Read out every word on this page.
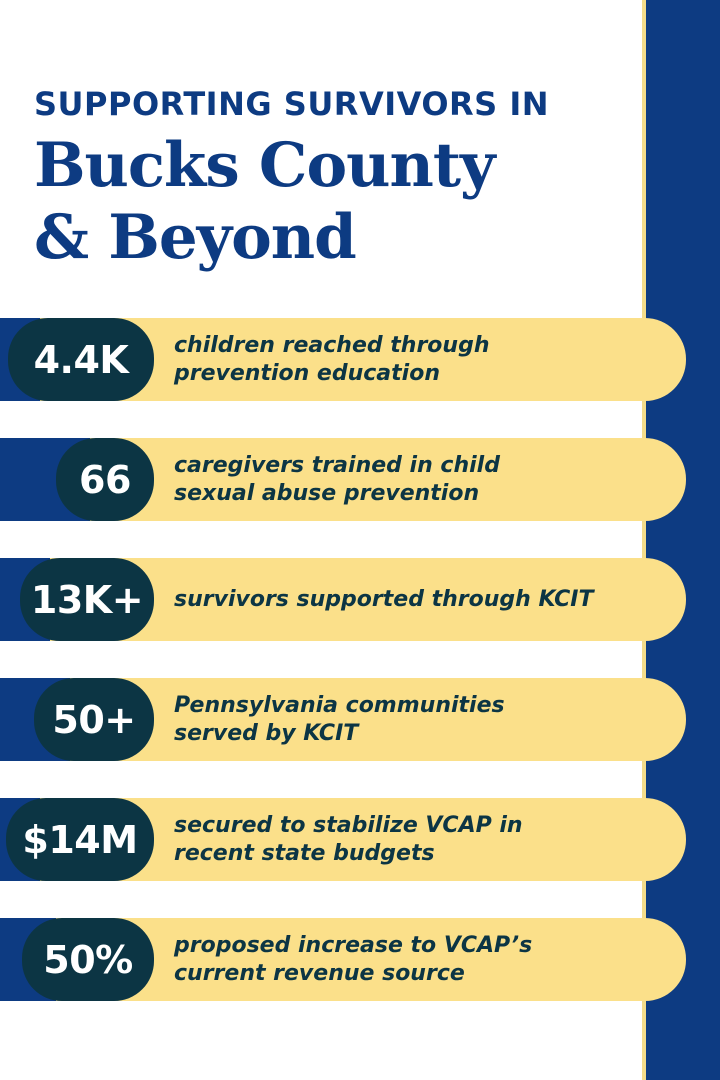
SUPPORTING SURVIVORS IN
Bucks County
& Beyond
4.4K	children reached through
prevention education
66	caregivers trained in child
sexual abuse prevention
13K+	survivors supported through KCIT
50+	Pennsylvania communities
served by KCIT
$14M	secured to stabilize VCAP in
recent state budgets
50%	proposed increase to VCAP’s
current revenue source
